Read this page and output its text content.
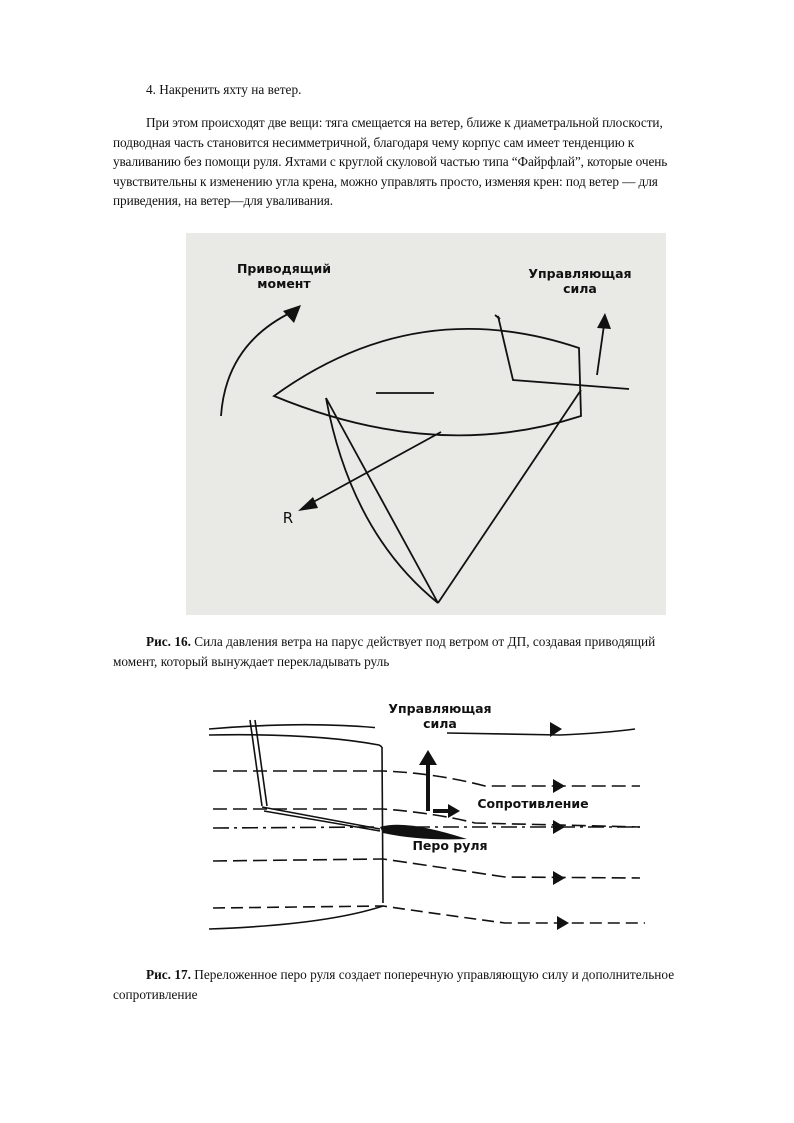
4. Накренить яхту на ветер.
При этом происходят две вещи: тяга смещается на ветер, ближе к диаметральной плоскости, подводная часть становится несимметричной, благодаря чему корпус сам имеет тенденцию к уваливанию без помощи руля. Яхтами с круглой скуловой частью типа “Файрфлай”, которые очень чувствительны к изменению угла крена, можно управлять просто, изменяя крен: под ветер — для приведения, на ветер—для уваливания.
Приводящий
момент
Управляющая
сила
R
Рис. 16. Сила давления ветра на парус действует под ветром от ДП, создавая приводящий момент, который вынуждает перекладывать руль
Управляющая
сила
Сопротивление
Перо руля
Рис. 17. Переложенное перо руля создает поперечную управляющую силу и дополнительное сопротивление
